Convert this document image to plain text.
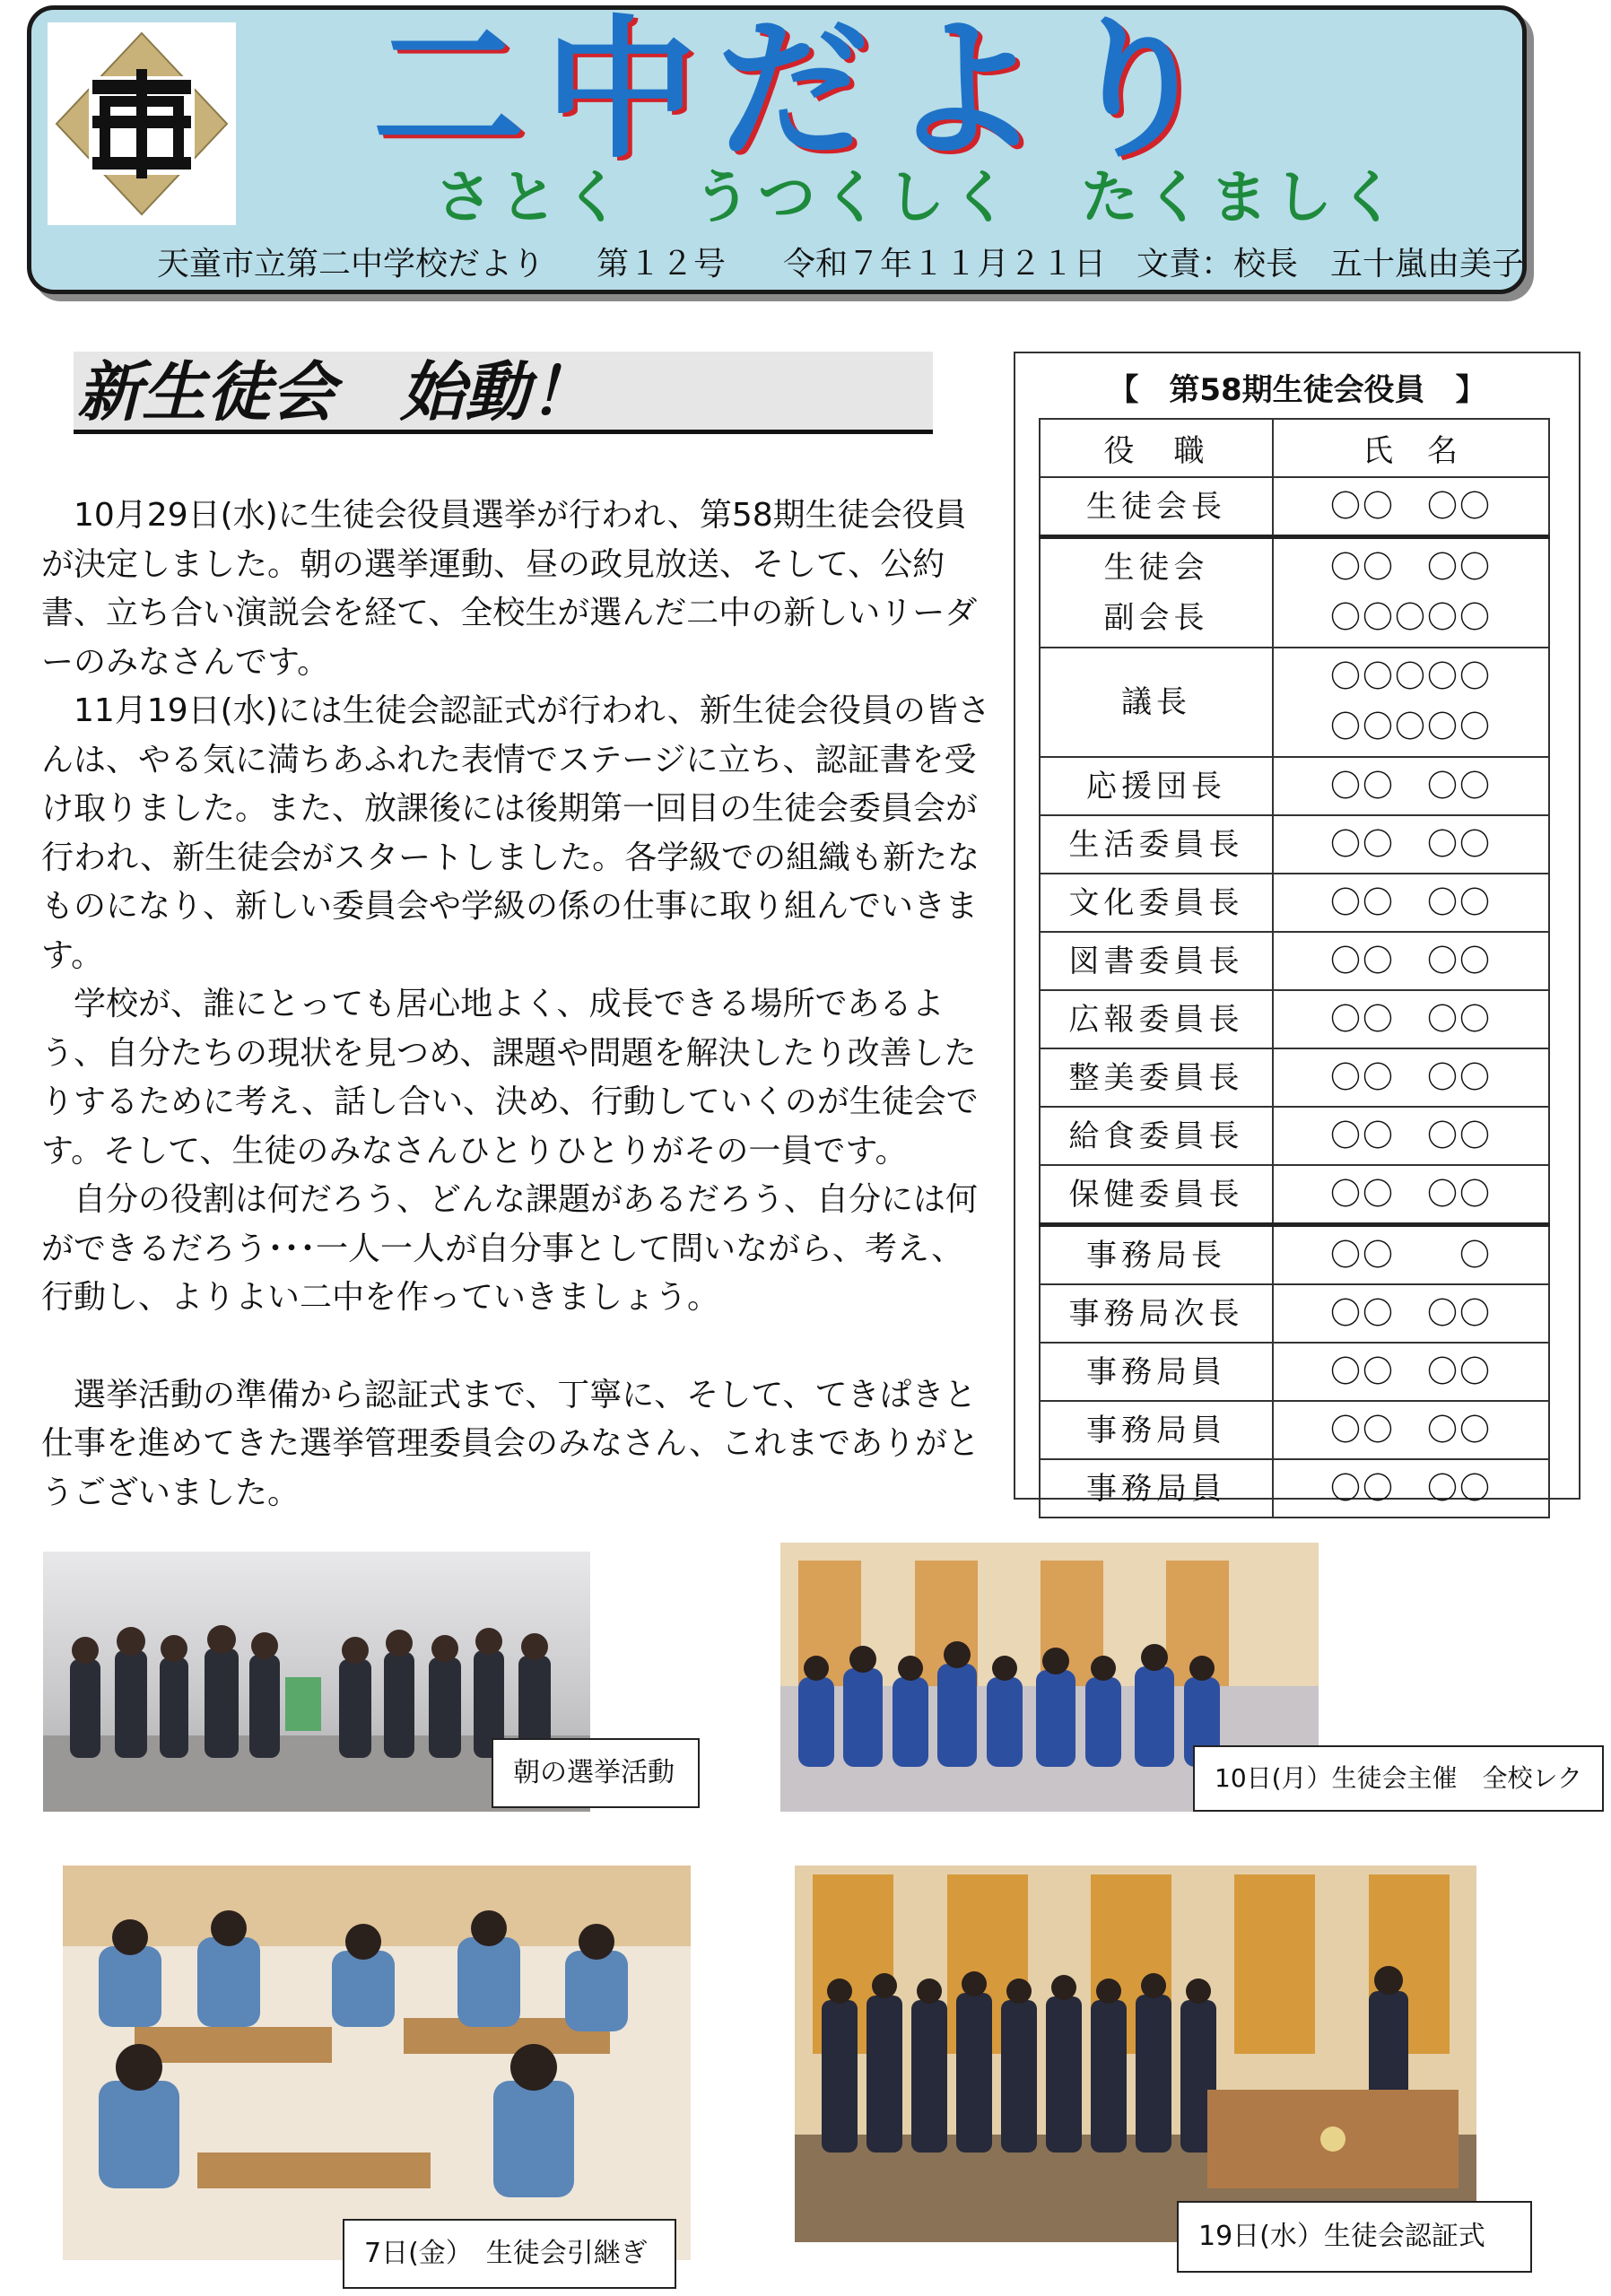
二中だより
さとく　うつくしく　たくましく
天童市立第二中学校だより 第１２号 令和７年１１月２１日 文責：校長　五十嵐由美子
新生徒会　始動！

　10月29日(水)に生徒会役員選挙が行われ、第58期生徒会役員が決定しました。朝の選挙運動、昼の政見放送、そして、公約書、立ち合い演説会を経て、全校生が選んだ二中の新しいリーダーのみなさんです。

　11月19日(水)には生徒会認証式が行われ、新生徒会役員の皆さんは、やる気に満ちあふれた表情でステージに立ち、認証書を受け取りました。また、放課後には後期第一回目の生徒会委員会が行われ、新生徒会がスタートしました。各学級での組織も新たなものになり、新しい委員会や学級の係の仕事に取り組んでいきます。

　学校が、誰にとっても居心地よく、成長できる場所であるよう、自分たちの現状を見つめ、課題や問題を解決したり改善したりするために考え、話し合い、決め、行動していくのが生徒会です。そして、生徒のみなさんひとりひとりがその一員です。

　自分の役割は何だろう、どんな課題があるだろう、自分には何ができるだろう･･･一人一人が自分事として問いながら、考え、行動し、よりよい二中を作っていきましょう。

　選挙活動の準備から認証式まで、丁寧に、そして、てきぱきと仕事を進めてきた選挙管理委員会のみなさん、これまでありがとうございました。

【　第58期生徒会役員　】
役　職	氏　名

生徒会長	〇〇　〇〇

生徒会
副会長	〇〇　〇〇
〇〇〇〇〇

議長	〇〇〇〇〇
〇〇〇〇〇

応援団長	〇〇　〇〇

生活委員長	〇〇　〇〇

文化委員長	〇〇　〇〇

図書委員長	〇〇　〇〇

広報委員長	〇〇　〇〇

整美委員長	〇〇　〇〇

給食委員長	〇〇　〇〇

保健委員長	〇〇　〇〇

事務局長	〇〇　　〇

事務局次長	〇〇　〇〇

事務局員	〇〇　〇〇

事務局員	〇〇　〇〇

事務局員	〇〇　〇〇
朝の選挙活動	10日(月）生徒会主催　全校レク
7日(金）　生徒会引継ぎ
19日(水）生徒会認証式
